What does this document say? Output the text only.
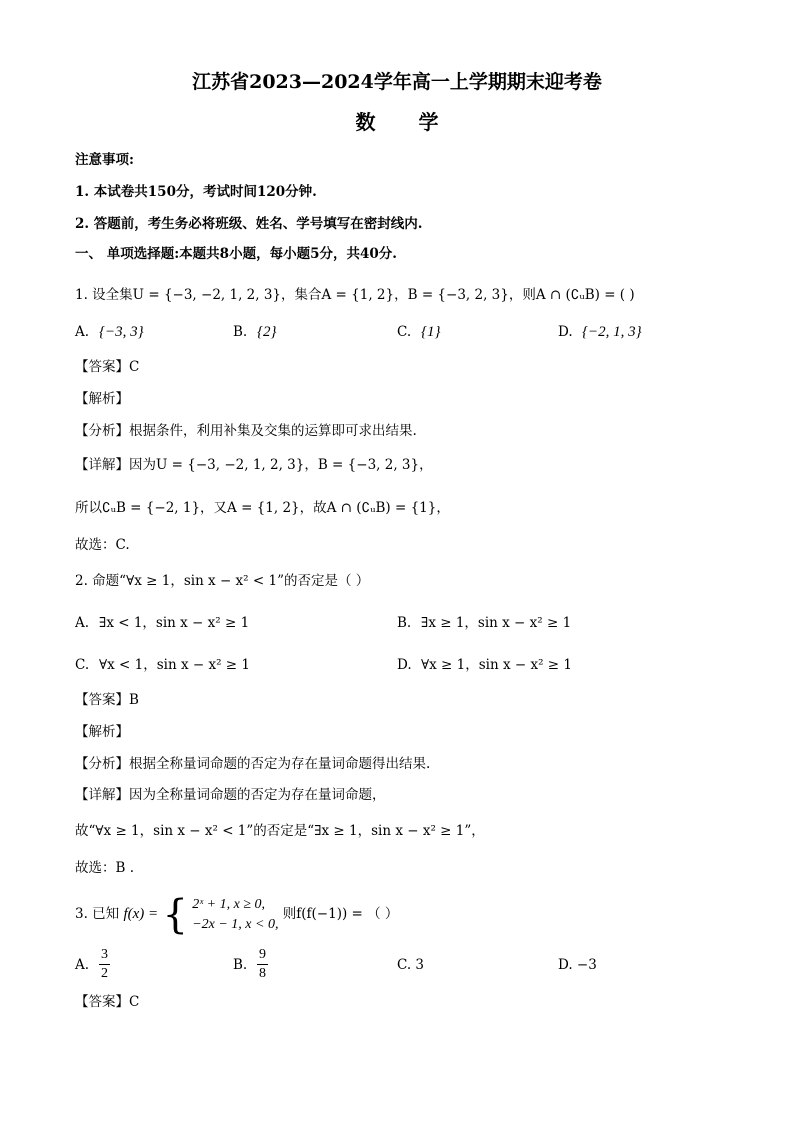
江苏省2023—2024学年高一上学期期末迎考卷
数 学
注意事项:
1. 本试卷共150分，考试时间120分钟.
2. 答题前，考生务必将班级、姓名、学号填写在密封线内.
一、 单项选择题:本题共8小题，每小题5分，共40分.
1. 设全集U = {−3, −2, 1, 2, 3}，集合A = {1, 2}，B = {−3, 2, 3}，则A ∩ (∁ᵤB) = ( )
A. {−3, 3}	B. {2}	C. {1}	D. {−2, 1, 3}
【答案】C
【解析】
【分析】根据条件，利用补集及交集的运算即可求出结果.
【详解】因为U = {−3, −2, 1, 2, 3}，B = {−3, 2, 3}，
所以∁ᵤB = {−2, 1}，又A = {1, 2}，故A ∩ (∁ᵤB) = {1}，
故选：C.
2. 命题“∀x ≥ 1，sin x − x² < 1”的否定是（ ）
A. ∃x < 1，sin x − x² ≥ 1	B. ∃x ≥ 1，sin x − x² ≥ 1
C. ∀x < 1，sin x − x² ≥ 1	D. ∀x ≥ 1，sin x − x² ≥ 1
【答案】B
【解析】
【分析】根据全称量词命题的否定为存在量词命题得出结果.
【详解】因为全称量词命题的否定为存在量词命题，
故“∀x ≥ 1，sin x − x² < 1”的否定是“∃x ≥ 1，sin x − x² ≥ 1”，
故选：B .
3. 已知 f(x) = { 2ˣ + 1, x ≥ 0,
−2x − 1, x < 0,
则f(f(−1)) = （ ）
A. $\frac{3}{2}$	B. $\frac{9}{8}$	C. 3	D. −3
【答案】C
